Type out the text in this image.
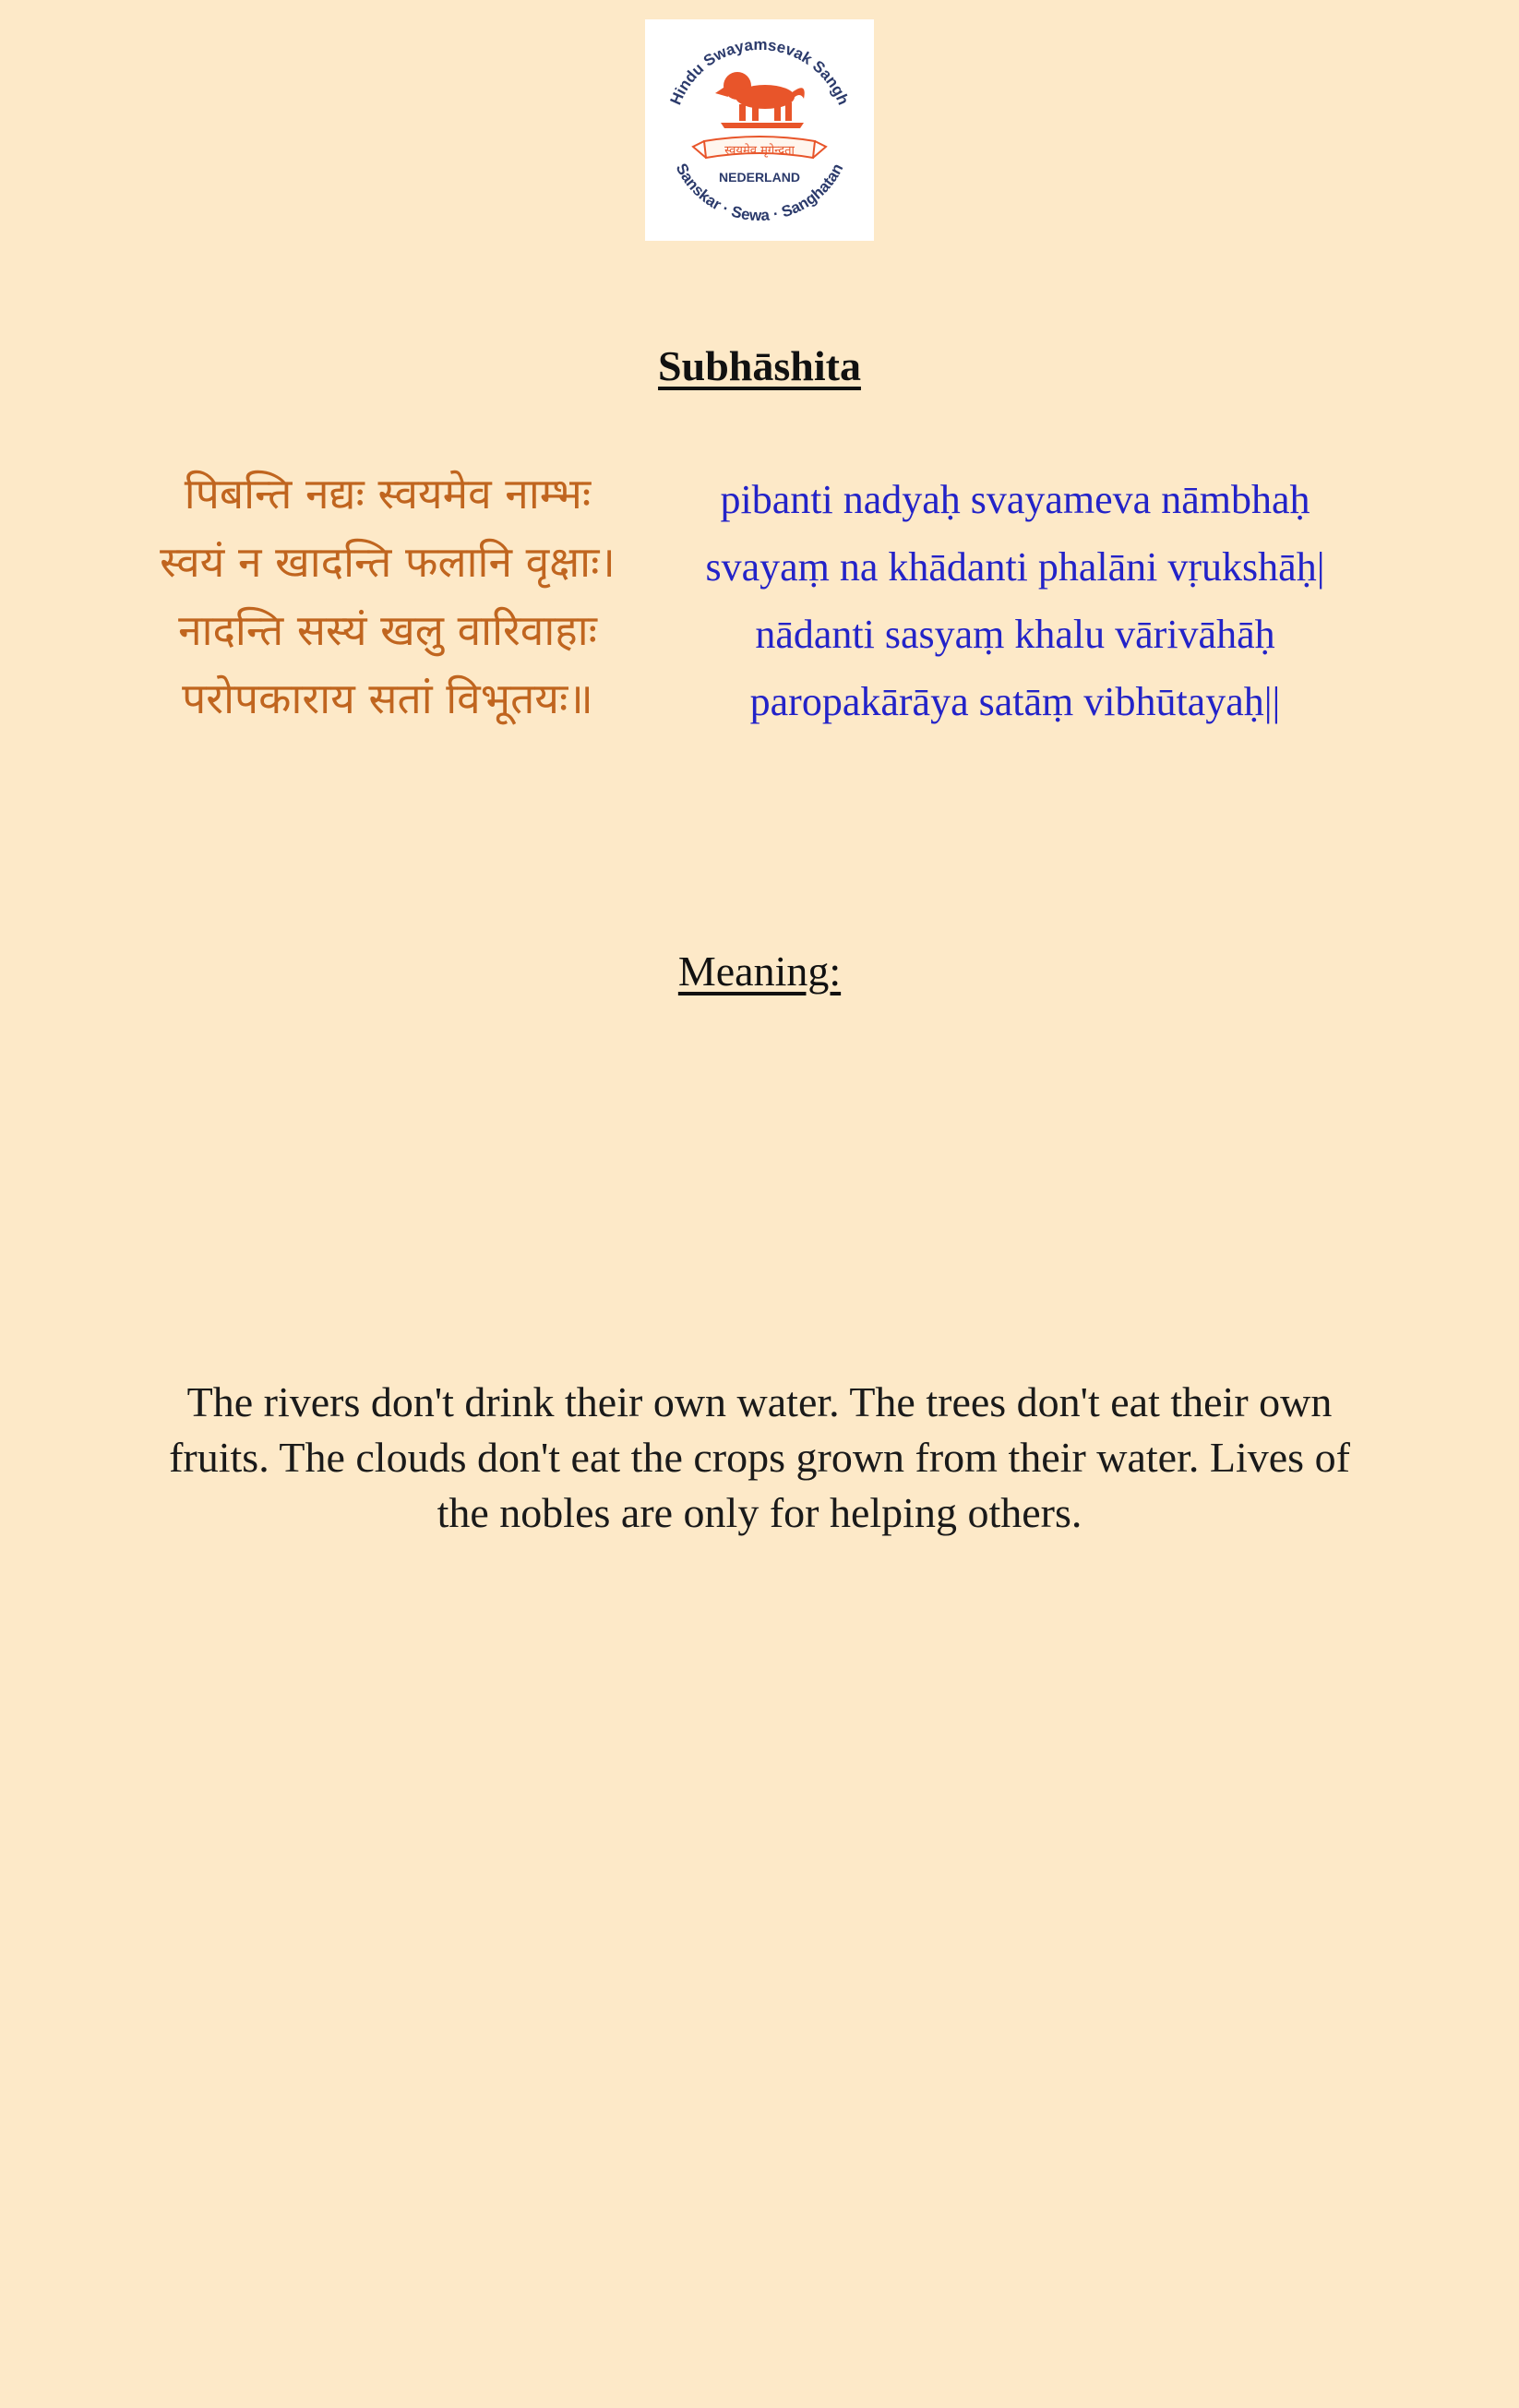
Hindu Swayamsevak Sangh
Sanskar · Sewa · Sanghatan
स्वयमेव मृगेन्द्रता
NEDERLAND
Subhāshita
पिबन्ति नद्यः स्वयमेव नाम्भः
स्वयं न खादन्ति फलानि वृक्षाः।
नादन्ति सस्यं खलु वारिवाहाः
परोपकाराय सतां विभूतयः॥
pibanti nadyaḥ svayameva nāmbhaḥ
svayaṃ na khādanti phalāni vṛukshāḥ|
nādanti sasyaṃ khalu vārivāhāḥ
paropakārāya satāṃ vibhūtayaḥ||
Meaning:
The rivers don't drink their own water. The trees don't eat their own fruits. The clouds don't eat the crops grown from their water. Lives of the nobles are only for helping others.
